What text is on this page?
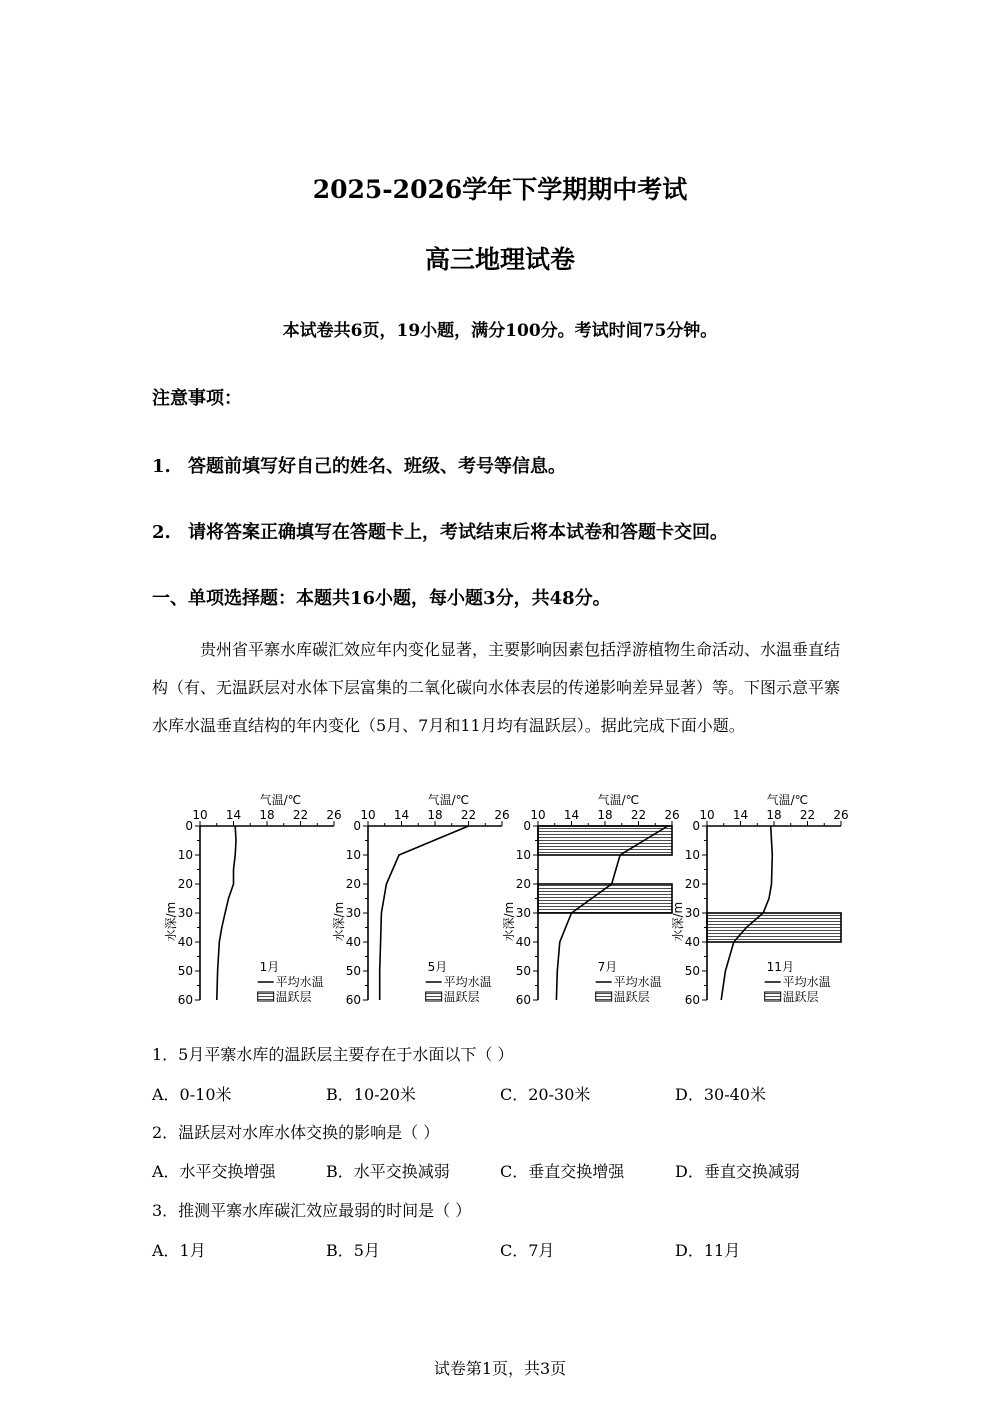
2025-2026学年下学期期中考试
高三地理试卷
本试卷共6页，19小题，满分100分。考试时间75分钟。
注意事项：
1. 答题前填写好自己的姓名、班级、考号等信息。
2. 请将答案正确填写在答题卡上，考试结束后将本试卷和答题卡交回。
一、单项选择题：本题共16小题，每小题3分，共48分。
贵州省平寨水库碳汇效应年内变化显著，主要影响因素包括浮游植物生命活动、水温垂直结构（有、无温跃层对水体下层富集的二氧化碳向水体表层的传递影响差异显著）等。下图示意平寨水库水温垂直结构的年内变化（5月、7月和11月均有温跃层）。据此完成下面小题。
气温/℃
10 14 18 22 26
0
10
20
30
40
50
60
水深/m
1月
平均水温
温跃层
气温/℃
10 14 18 22 26
0
10
20
30
40
50
60
水深/m
5月
平均水温
温跃层
气温/℃
10 14 18 22 26
0
10
20
30
40
50
60
水深/m
7月
平均水温
温跃层
气温/℃
10 14 18 22 26
0
10
20
30
40
50
60
水深/m
11月
平均水温
温跃层
1．5月平寨水库的温跃层主要存在于水面以下（ ）
A．0-10米	B．10-20米	C．20-30米	D．30-40米
2．温跃层对水库水体交换的影响是（ ）
A．水平交换增强	B．水平交换减弱	C．垂直交换增强	D．垂直交换减弱
3．推测平寨水库碳汇效应最弱的时间是（ ）
A．1月	B．5月	C．7月	D．11月
试卷第1页，共3页
